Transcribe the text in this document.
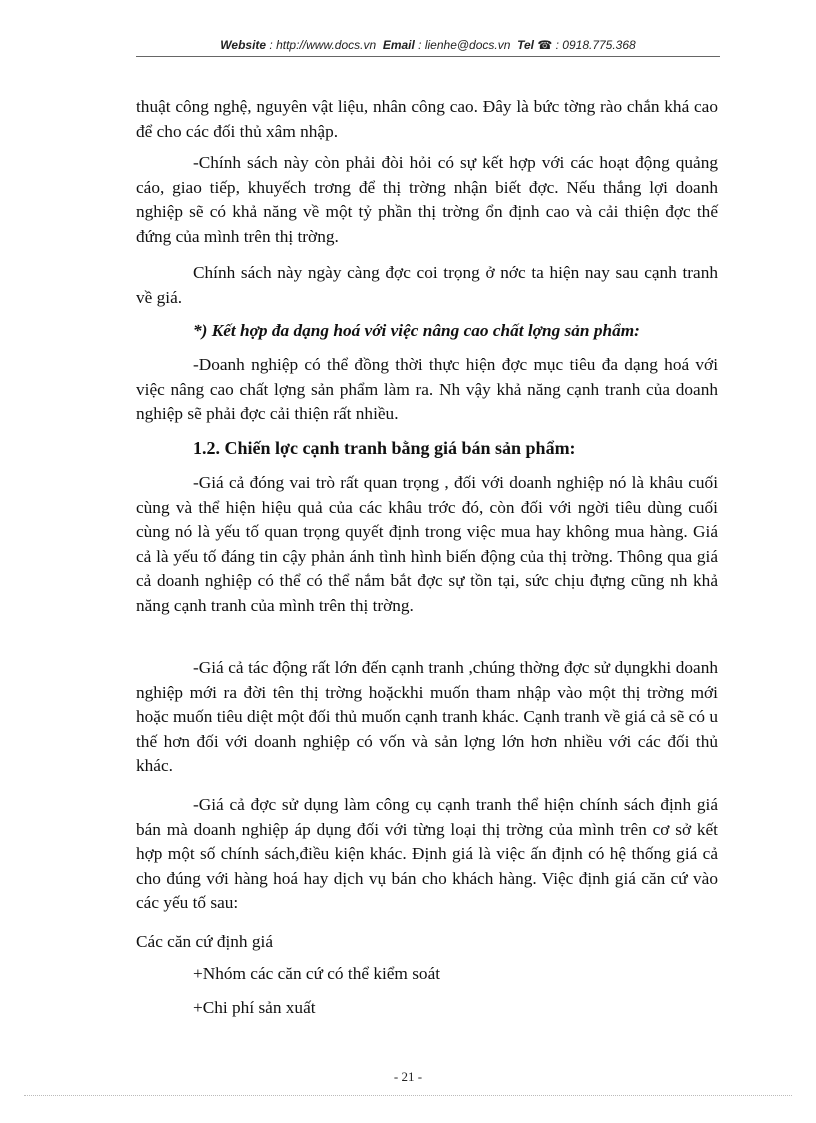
Website : http://www.docs.vn Email : lienhe@docs.vn Tel ☎ : 0918.775.368

thuật công nghệ, nguyên vật liệu, nhân công cao. Đây là bức tờng rào chắn khá cao để cho các đối thủ xâm nhập.

-Chính sách này còn phải đòi hỏi có sự kết hợp với các hoạt động quảng cáo, giao tiếp, khuyếch trơng để thị trờng nhận biết đợc. Nếu thắng lợi doanh nghiệp sẽ có khả năng về một tỷ phần thị trờng ổn định cao và cải thiện đợc thế đứng của mình trên thị trờng.

Chính sách này ngày càng đợc coi trọng ở nớc ta hiện nay sau cạnh tranh về giá.

*) Kết hợp đa dạng hoá với việc nâng cao chất lợng sản phẩm:

-Doanh nghiệp có thể đồng thời thực hiện đợc mục tiêu đa dạng hoá với việc nâng cao chất lợng sản phẩm làm ra. Nh vậy khả năng cạnh tranh của doanh nghiệp sẽ phải đợc cải thiện rất nhiều.

1.2. Chiến lợc cạnh tranh bằng giá bán sản phẩm:

-Giá cả đóng vai trò rất quan trọng , đối với doanh nghiệp nó là khâu cuối cùng và thể hiện hiệu quả của các khâu trớc đó, còn đối với ngời tiêu dùng cuối cùng nó là yếu tố quan trọng quyết định trong việc mua hay không mua hàng. Giá cả là yếu tố đáng tin cậy phản ánh tình hình biến động của thị trờng. Thông qua giá cả doanh nghiệp có thể có thể nắm bắt đợc sự tồn tại, sức chịu đựng cũng nh khả năng cạnh tranh của mình trên thị trờng.

-Giá cả tác động rất lớn đến cạnh tranh ,chúng thờng đợc sử dụngkhi doanh nghiệp mới ra đời tên thị trờng hoặckhi muốn tham nhập vào một thị trờng mới hoặc muốn tiêu diệt một đối thủ muốn cạnh tranh khác. Cạnh tranh về giá cả sẽ có u thế hơn đối với doanh nghiệp có vốn và sản lợng lớn hơn nhiều với các đối thủ khác.

-Giá cả đợc sử dụng làm công cụ cạnh tranh thể hiện chính sách định giá bán mà doanh nghiệp áp dụng đối với từng loại thị trờng của mình trên cơ sở kết hợp một số chính sách,điều kiện khác. Định giá là việc ấn định có hệ thống giá cả cho đúng với hàng hoá hay dịch vụ bán cho khách hàng. Việc định giá căn cứ vào các yếu tố sau:

Các căn cứ định giá

+Nhóm các căn cứ có thể kiểm soát

+Chi phí sản xuất

- 21 -
